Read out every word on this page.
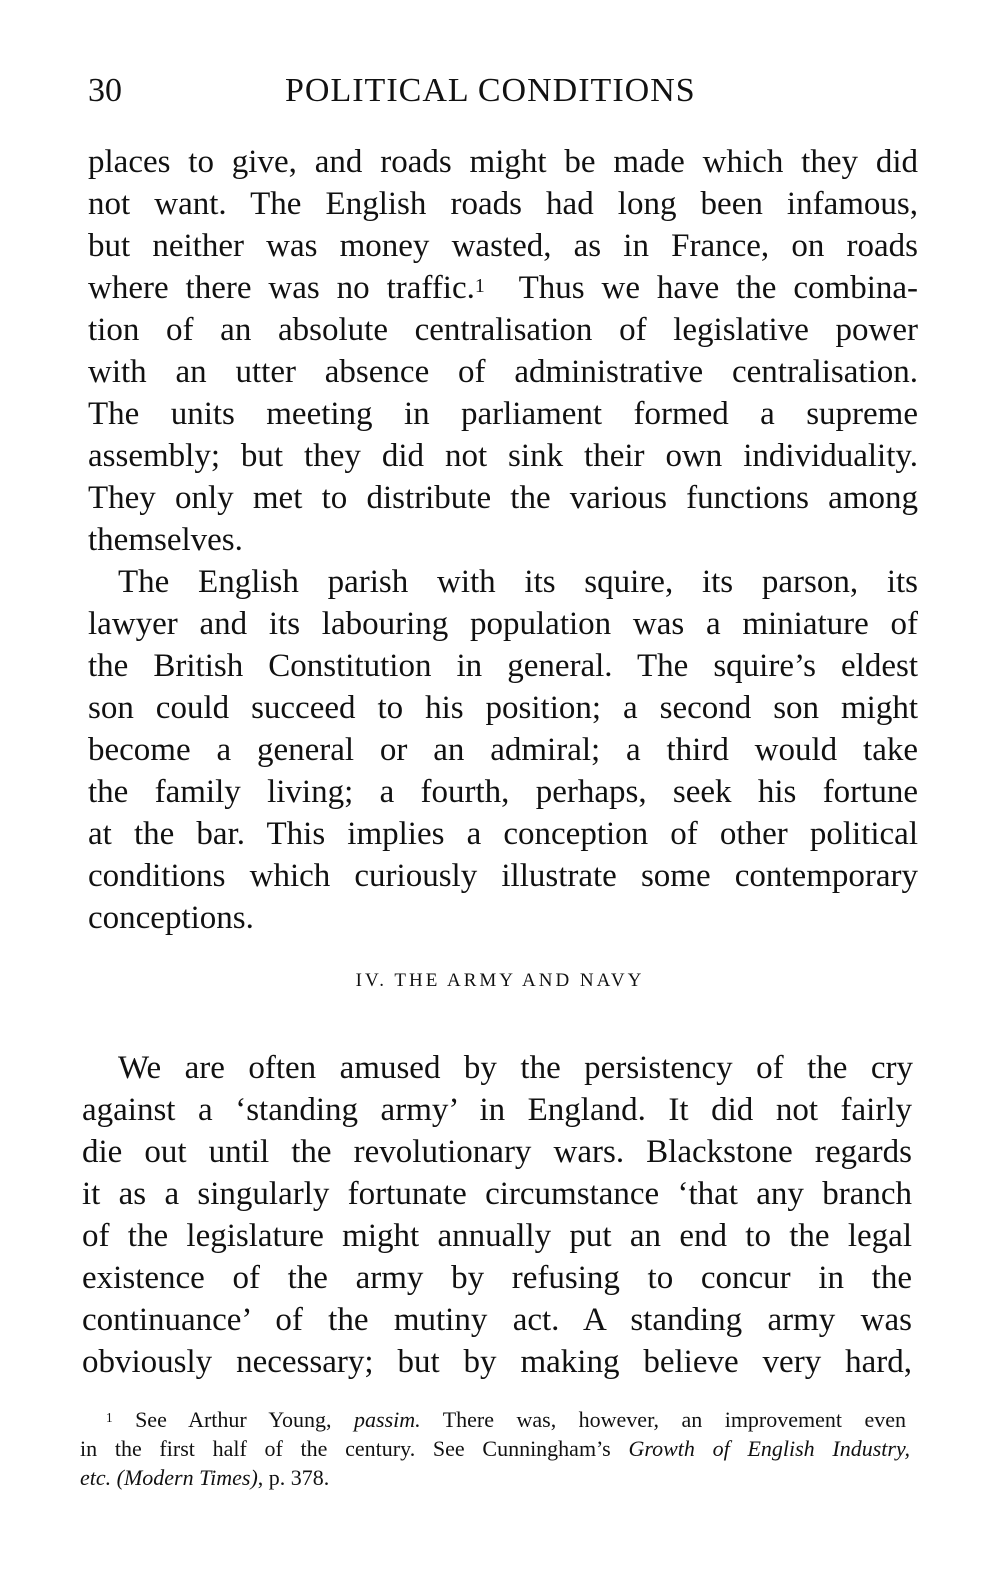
30	POLITICAL CONDITIONS
places to give, and roads might be made which they did
not want. The English roads had long been infamous,
but neither was money wasted, as in France, on roads
where there was no traffic.$^1$ Thus we have the combina-
tion of an absolute centralisation of legislative power
with an utter absence of administrative centralisation.
The units meeting in parliament formed a supreme
assembly; but they did not sink their own individuality.
They only met to distribute the various functions among
themselves.
The English parish with its squire, its parson, its
lawyer and its labouring population was a miniature of
the British Constitution in general. The squire’s eldest
son could succeed to his position; a second son might
become a general or an admiral; a third would take
the family living; a fourth, perhaps, seek his fortune
at the bar. This implies a conception of other political
conditions which curiously illustrate some contemporary
conceptions.
IV. THE ARMY AND NAVY
We are often amused by the persistency of the cry
against a ‘standing army’ in England. It did not fairly
die out until the revolutionary wars. Blackstone regards
it as a singularly fortunate circumstance ‘that any branch
of the legislature might annually put an end to the legal
existence of the army by refusing to concur in the
continuance’ of the mutiny act. A standing army was
obviously necessary; but by making believe very hard,
$^1$ See Arthur Young, passim. There was, however, an improvement even
in the first half of the century. See Cunningham’s Growth of English Industry,
etc. (Modern Times), p. 378.
